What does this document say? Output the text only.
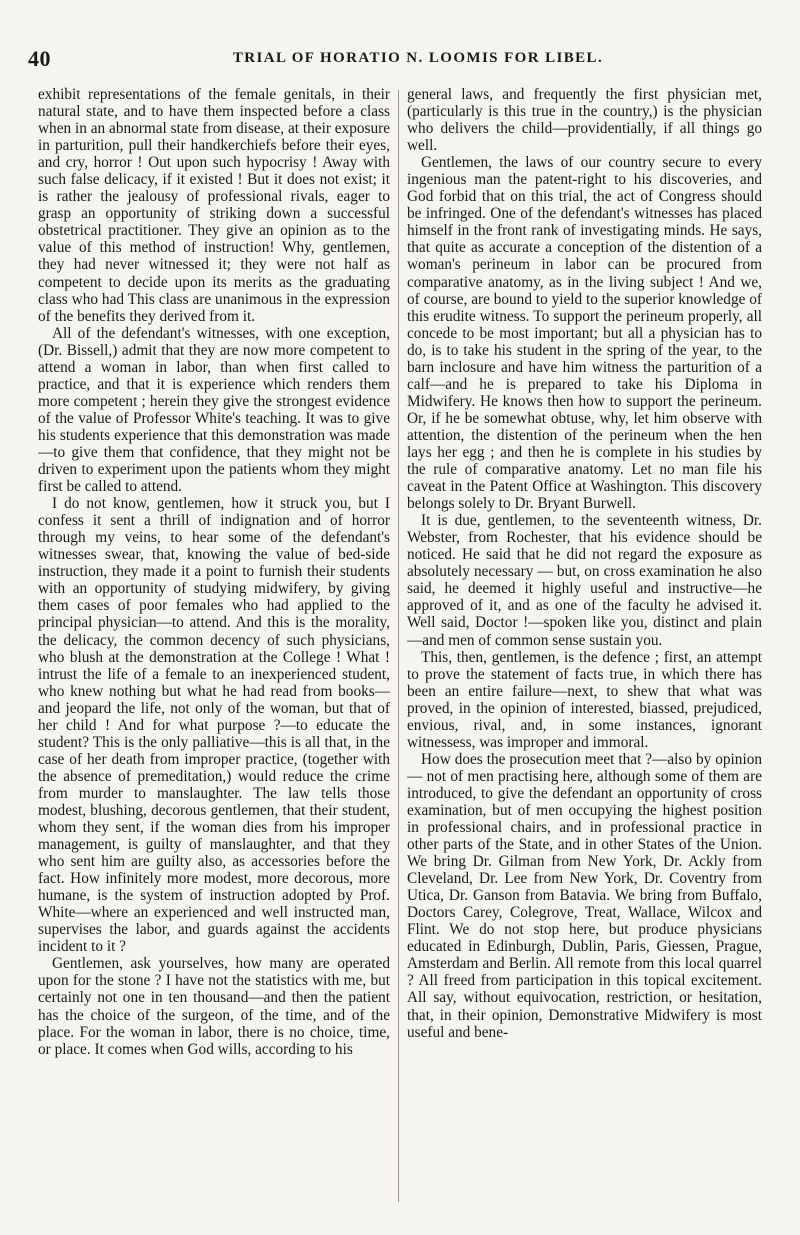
40	TRIAL OF HORATIO N. LOOMIS FOR LIBEL.

exhibit representations of the female genitals, in their natural state, and to have them inspected before a class when in an abnormal state from disease, at their exposure in parturition, pull their handkerchiefs before their eyes, and cry, horror ! Out upon such hypocrisy ! Away with such false delicacy, if it existed ! But it does not exist; it is rather the jealousy of professional rivals, eager to grasp an opportunity of striking down a successful obstetrical practitioner. They give an opinion as to the value of this method of instruction! Why, gentlemen, they had never witnessed it; they were not half as competent to decide upon its merits as the graduating class who had This class are unanimous in the expression of the benefits they derived from it.

All of the defendant's witnesses, with one exception, (Dr. Bissell,) admit that they are now more competent to attend a woman in labor, than when first called to practice, and that it is experience which renders them more competent ; herein they give the strongest evidence of the value of Professor White's teaching. It was to give his students experience that this demonstration was made—to give them that confidence, that they might not be driven to experiment upon the patients whom they might first be called to attend.

I do not know, gentlemen, how it struck you, but I confess it sent a thrill of indignation and of horror through my veins, to hear some of the defendant's witnesses swear, that, knowing the value of bed-side instruction, they made it a point to furnish their students with an opportunity of studying midwifery, by giving them cases of poor females who had applied to the principal physician—to attend. And this is the morality, the delicacy, the common decency of such physicians, who blush at the demonstration at the College ! What ! intrust the life of a female to an inexperienced student, who knew nothing but what he had read from books—and jeopard the life, not only of the woman, but that of her child ! And for what purpose ?—to educate the student? This is the only palliative—this is all that, in the case of her death from improper practice, (together with the absence of premeditation,) would reduce the crime from murder to manslaughter. The law tells those modest, blushing, decorous gentlemen, that their student, whom they sent, if the woman dies from his improper management, is guilty of manslaughter, and that they who sent him are guilty also, as accessories before the fact. How infinitely more modest, more decorous, more humane, is the system of instruction adopted by Prof. White—where an experienced and well instructed man, supervises the labor, and guards against the accidents incident to it ?

Gentlemen, ask yourselves, how many are operated upon for the stone ? I have not the statistics with me, but certainly not one in ten thousand—and then the patient has the choice of the surgeon, of the time, and of the place. For the woman in labor, there is no choice, time, or place. It comes when God wills, according to his

general laws, and frequently the first physician met, (particularly is this true in the country,) is the physician who delivers the child—providentially, if all things go well.

Gentlemen, the laws of our country secure to every ingenious man the patent-right to his discoveries, and God forbid that on this trial, the act of Congress should be infringed. One of the defendant's witnesses has placed himself in the front rank of investigating minds. He says, that quite as accurate a conception of the distention of a woman's perineum in labor can be procured from comparative anatomy, as in the living subject ! And we, of course, are bound to yield to the superior knowledge of this erudite witness. To support the perineum properly, all concede to be most important; but all a physician has to do, is to take his student in the spring of the year, to the barn inclosure and have him witness the parturition of a calf—and he is prepared to take his Diploma in Midwifery. He knows then how to support the perineum. Or, if he be somewhat obtuse, why, let him observe with attention, the distention of the perineum when the hen lays her egg ; and then he is complete in his studies by the rule of comparative anatomy. Let no man file his caveat in the Patent Office at Washington. This discovery belongs solely to Dr. Bryant Burwell.

It is due, gentlemen, to the seventeenth witness, Dr. Webster, from Rochester, that his evidence should be noticed. He said that he did not regard the exposure as absolutely necessary — but, on cross examination he also said, he deemed it highly useful and instructive—he approved of it, and as one of the faculty he advised it. Well said, Doctor !—spoken like you, distinct and plain—and men of common sense sustain you.

This, then, gentlemen, is the defence ; first, an attempt to prove the statement of facts true, in which there has been an entire failure—next, to shew that what was proved, in the opinion of interested, biassed, prejudiced, envious, rival, and, in some instances, ignorant witnessess, was improper and immoral.

How does the prosecution meet that ?—also by opinion — not of men practising here, although some of them are introduced, to give the defendant an opportunity of cross examination, but of men occupying the highest position in professional chairs, and in professional practice in other parts of the State, and in other States of the Union. We bring Dr. Gilman from New York, Dr. Ackly from Cleveland, Dr. Lee from New York, Dr. Coventry from Utica, Dr. Ganson from Batavia. We bring from Buffalo, Doctors Carey, Colegrove, Treat, Wallace, Wilcox and Flint. We do not stop here, but produce physicians educated in Edinburgh, Dublin, Paris, Giessen, Prague, Amsterdam and Berlin. All remote from this local quarrel ? All freed from participation in this topical excitement. All say, without equivocation, restriction, or hesitation, that, in their opinion, Demonstrative Midwifery is most useful and bene-
